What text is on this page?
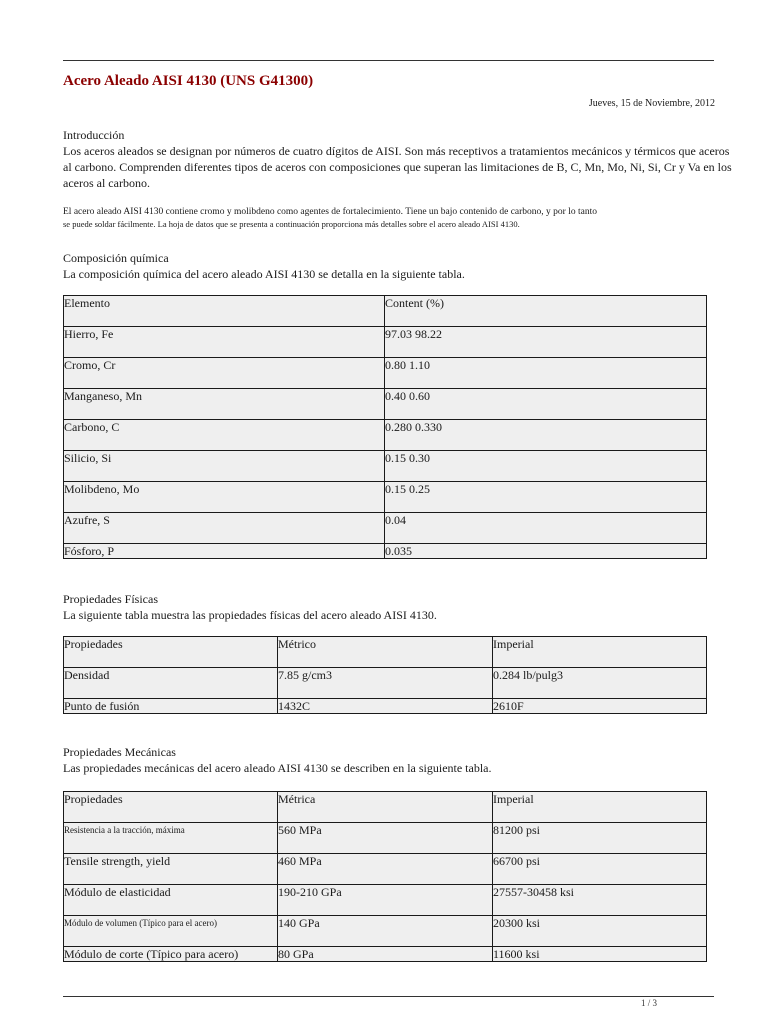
Acero Aleado AISI 4130 (UNS G41300)
Jueves, 15 de Noviembre, 2012
Introducción
Los aceros aleados se designan por números de cuatro dígitos de AISI. Son más receptivos a tratamientos mecánicos y térmicos que aceros al carbono. Comprenden diferentes tipos de aceros con composiciones que superan las limitaciones de B, C, Mn, Mo, Ni, Si, Cr y Va en los aceros al carbono.
El acero aleado AISI 4130 contiene cromo y molibdeno como agentes de fortalecimiento. Tiene un bajo contenido de carbono, y por lo tanto
se puede soldar fácilmente. La hoja de datos que se presenta a continuación proporciona más detalles sobre el acero aleado AISI 4130.
Composición química
La composición química del acero aleado AISI 4130 se detalla en la siguiente tabla.
Elemento	Content (%)
Hierro, Fe	97.03 98.22
Cromo, Cr	0.80 1.10
Manganeso, Mn	0.40 0.60
Carbono, C	0.280 0.330
Silicio, Si	0.15 0.30
Molibdeno, Mo	0.15 0.25
Azufre, S	0.04
Fósforo, P	0.035
Propiedades Físicas
La siguiente tabla muestra las propiedades físicas del acero aleado AISI 4130.
Propiedades	Métrico	Imperial
Densidad	7.85 g/cm3	0.284 lb/pulg3
Punto de fusión	1432C	2610F
Propiedades Mecánicas
Las propiedades mecánicas del acero aleado AISI 4130 se describen en la siguiente tabla.
Propiedades	Métrica	Imperial
Resistencia a la tracción, máxima	560 MPa	81200 psi
Tensile strength, yield	460 MPa	66700 psi
Módulo de elasticidad	190-210 GPa	27557-30458 ksi
Módulo de volumen (Típico para el acero)	140 GPa	20300 ksi
Módulo de corte (Típico para acero)	80 GPa	11600 ksi
1 / 3
